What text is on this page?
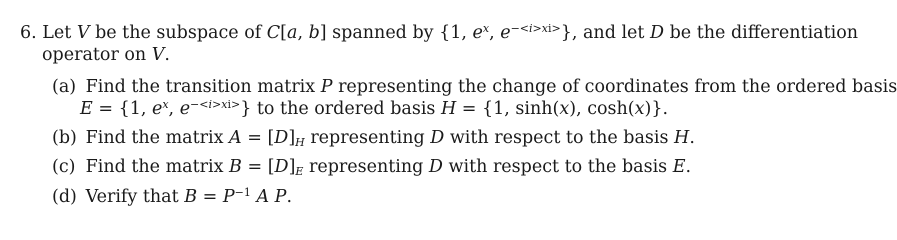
6. Let V be the subspace of C[a, b] spanned by {1, $e^x$, $e^{-<i>xi>}$}, and let D be the differentiation
operator on V.
(a) Find the transition matrix P representing the change of coordinates from the ordered basis
E = {1, $e^x$, $e^{-<i>xi>}$} to the ordered basis H = {1, sinh(x), cosh(x)}.
(b) Find the matrix $A = [D]_H$ representing D with respect to the basis H.
(c) Find the matrix $B = [D]_E$ representing D with respect to the basis E.
(d) Verify that $B = P^{-1}$ A P.
